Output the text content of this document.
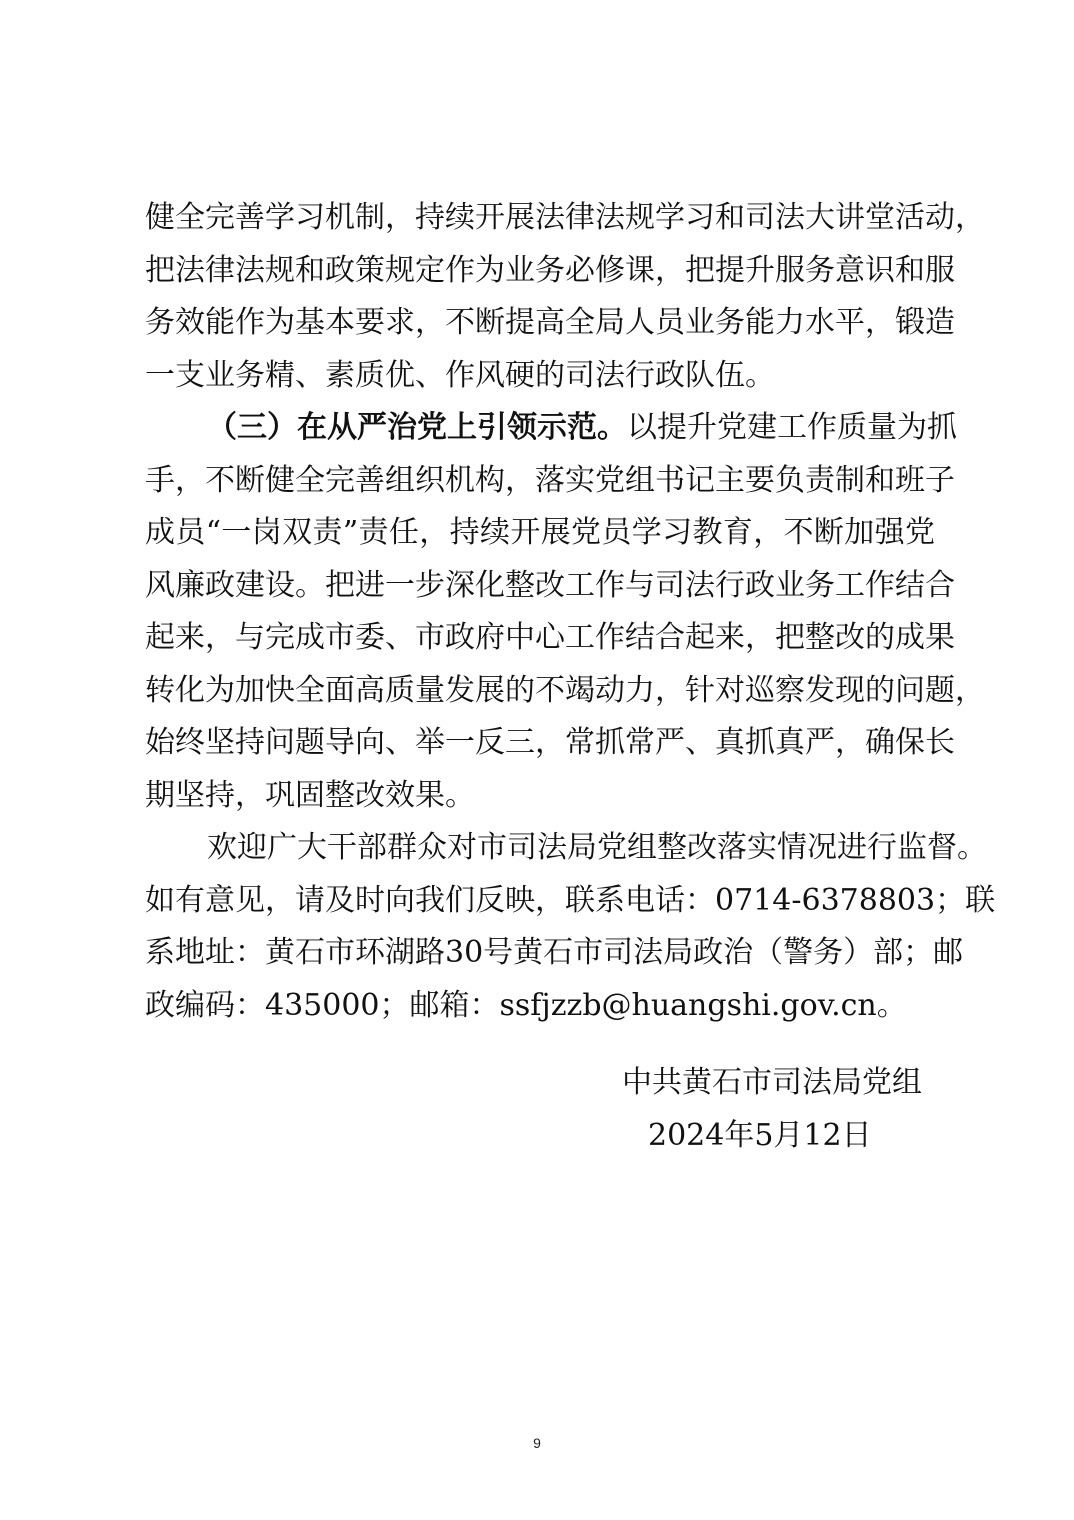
健全完善学习机制，持续开展法律法规学习和司法大讲堂活动，
把法律法规和政策规定作为业务必修课，把提升服务意识和服
务效能作为基本要求，不断提高全局人员业务能力水平，锻造
一支业务精、素质优、作风硬的司法行政队伍。
（三）在从严治党上引领示范。以提升党建工作质量为抓
手，不断健全完善组织机构，落实党组书记主要负责制和班子
成员“一岗双责”责任，持续开展党员学习教育，不断加强党
风廉政建设。把进一步深化整改工作与司法行政业务工作结合
起来，与完成市委、市政府中心工作结合起来，把整改的成果
转化为加快全面高质量发展的不竭动力，针对巡察发现的问题，
始终坚持问题导向、举一反三，常抓常严、真抓真严，确保长
期坚持，巩固整改效果。
欢迎广大干部群众对市司法局党组整改落实情况进行监督。
如有意见，请及时向我们反映，联系电话：0714-6378803；联
系地址：黄石市环湖路30号黄石市司法局政治（警务）部；邮
政编码：435000；邮箱：ssfjzzb@huangshi.gov.cn。
中共黄石市司法局党组
2024年5月12日
9
